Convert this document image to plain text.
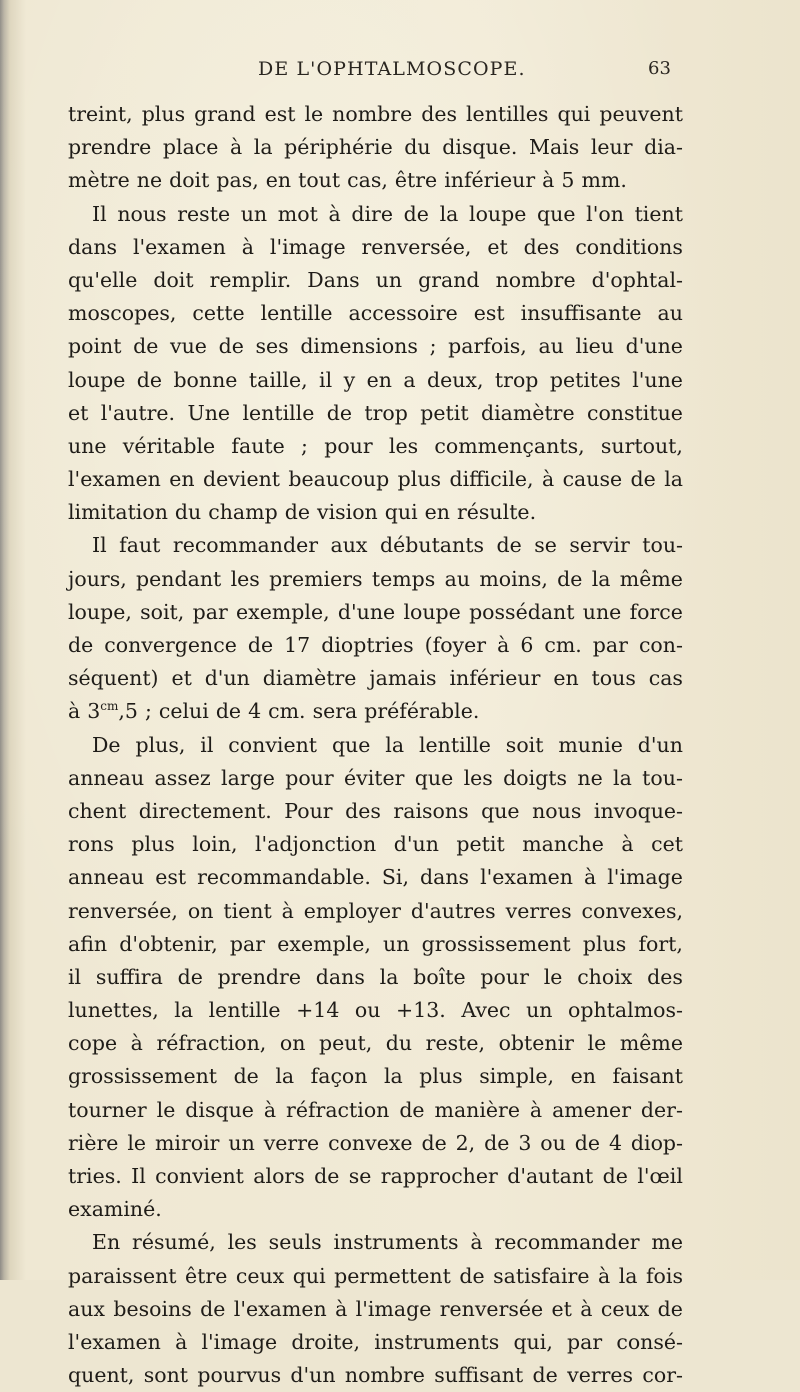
DE L'OPHTALMOSCOPE.	63
treint, plus grand est le nombre des lentilles qui peuvent
prendre place à la périphérie du disque. Mais leur dia-
mètre ne doit pas, en tout cas, être inférieur à 5 mm.
Il nous reste un mot à dire de la loupe que l'on tient
dans l'examen à l'image renversée, et des conditions
qu'elle doit remplir. Dans un grand nombre d'ophtal-
moscopes, cette lentille accessoire est insuffisante au
point de vue de ses dimensions ; parfois, au lieu d'une
loupe de bonne taille, il y en a deux, trop petites l'une
et l'autre. Une lentille de trop petit diamètre constitue
une véritable faute ; pour les commençants, surtout,
l'examen en devient beaucoup plus difficile, à cause de la
limitation du champ de vision qui en résulte.
Il faut recommander aux débutants de se servir tou-
jours, pendant les premiers temps au moins, de la même
loupe, soit, par exemple, d'une loupe possédant une force
de convergence de 17 dioptries (foyer à 6 cm. par con-
séquent) et d'un diamètre jamais inférieur en tous cas
à $3^{cm},5$ ; celui de 4 cm. sera préférable.
De plus, il convient que la lentille soit munie d'un
anneau assez large pour éviter que les doigts ne la tou-
chent directement. Pour des raisons que nous invoque-
rons plus loin, l'adjonction d'un petit manche à cet
anneau est recommandable. Si, dans l'examen à l'image
renversée, on tient à employer d'autres verres convexes,
afin d'obtenir, par exemple, un grossissement plus fort,
il suffira de prendre dans la boîte pour le choix des
lunettes, la lentille +14 ou +13. Avec un ophtalmos-
cope à réfraction, on peut, du reste, obtenir le même
grossissement de la façon la plus simple, en faisant
tourner le disque à réfraction de manière à amener der-
rière le miroir un verre convexe de 2, de 3 ou de 4 diop-
tries. Il convient alors de se rapprocher d'autant de l'œil
examiné.
En résumé, les seuls instruments à recommander me
paraissent être ceux qui permettent de satisfaire à la fois
aux besoins de l'examen à l'image renversée et à ceux de
l'examen à l'image droite, instruments qui, par consé-
quent, sont pourvus d'un nombre suffisant de verres cor-
